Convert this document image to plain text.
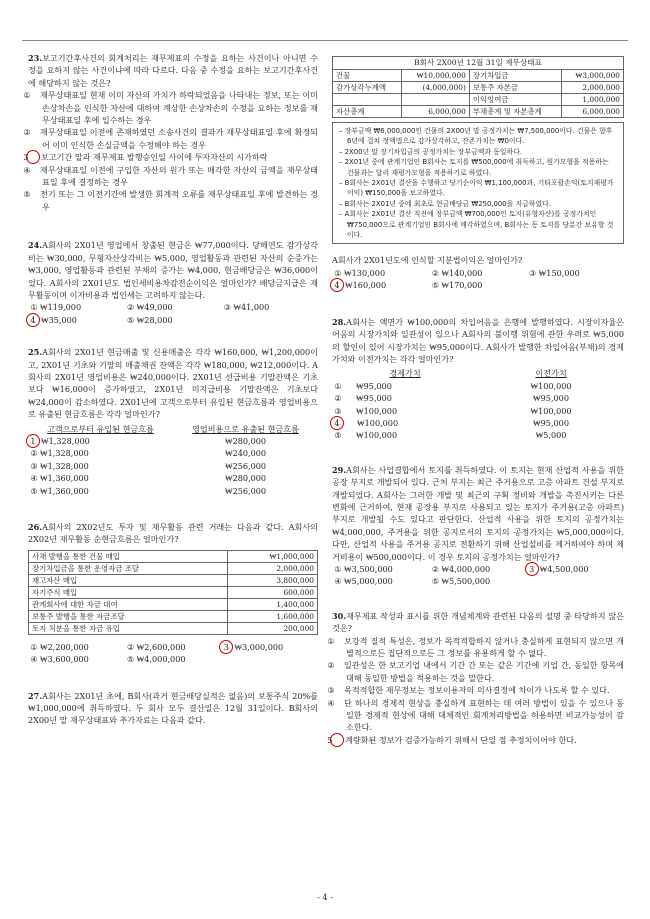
23.보고기간후사건의 회계처리는 재무제표의 수정을 요하는 사건이나 아니면 수정을 요하지 않는 사건이냐에 따라 다르다. 다음 중 수정을 요하는 보고기간후사건에 해당하지 않는 것은?
① 재무상태표일 현재 이미 자산의 가치가 하락되었음을 나타내는 정보, 또는 이미 손상차손을 인식한 자산에 대하여 계상한 손상차손의 수정을 요하는 정보를 재무상태표일 후에 입수하는 경우
② 재무상태표일 이전에 존재하였던 소송사건의 결과가 재무상태표일 후에 확정되어 이미 인식한 손실금액을 수정해야 하는 경우
3 보고기간 말과 재무제표 발행승인일 사이에 투자자산의 시가하락
④ 재무상태표일 이전에 구입한 자산의 원가 또는 매각한 자산의 금액을 재무상태표일 후에 결정하는 경우
⑤ 전기 또는 그 이전기간에 발생한 회계적 오류를 재무상태표일 후에 발견하는 경우
24.A회사의 2X01년 영업에서 창출된 현금은 ₩77,000이다. 당해연도 감가상각비는 ₩30,000, 무형자산상각비는 ₩5,000, 영업활동과 관련된 자산의 순증가는 ₩3,000, 영업활동과 관련된 부채의 증가는 ₩4,000, 현금배당금은 ₩36,000이었다. A회사의 2X01년도 법인세비용차감전순이익은 얼마인가? 배당금지급은 재무활동이며 이자비용과 법인세는 고려하지 않는다.
① ₩119,000	② ₩49,000	③ ₩41,000
4 ₩35,000	⑤ ₩28,000
25.A회사의 2X01년 현금매출 및 신용매출은 각각 ₩160,000, ₩1,200,000이고, 2X01년 기초와 기말의 매출채권 잔액은 각각 ₩180,000, ₩212,000이다. A회사의 2X01년 영업비용은 ₩240,000이다. 2X01년 선급비용 기말잔액은 기초보다 ₩16,000이 증가하였고, 2X01년 미지급비용 기말잔액은 기초보다 ₩24,000이 감소하였다. 2X01년에 고객으로부터 유입된 현금흐름과 영업비용으로 유출된 현금흐름은 각각 얼마인가?
고객으로부터 유입된 현금흐름	영업비용으로 유출된 현금흐름
1 ₩1,328,000	₩280,000
② ₩1,328,000	₩240,000
③ ₩1,328,000	₩256,000
④ ₩1,360,000	₩280,000
⑤ ₩1,360,000	₩256,000
26.A회사의 2X02년도 투자 및 재무활동 관련 거래는 다음과 같다. A회사의 2X02년 재무활동 순현금흐름은 얼마인가?
사채 발행을 통한 건물 매입	₩1,000,000
장기차입금을 통한 운영자금 조달	2,000,000
재고자산 매입	3,800,000
자기주식 매입	600,000
관계회사에 대한 자금 대여	1,400,000
보통주 발행을 통한 자금조달	1,600,000
토지 처분을 통한 자금 유입	200,000
① ₩2,200,000	② ₩2,600,000	3 ₩3,000,000
④ ₩3,600,000	⑤ ₩4,000,000
27.A회사는 2X01년 초에, B회사(과거 현금배당실적은 없음)의 보통주식 20%를 ₩1,000,000에 취득하였다. 두 회사 모두 결산일은 12월 31일이다. B회사의 2X00년 말 재무상태표와 추가자료는 다음과 같다.
B회사 2X00년 12월 31일 재무상태표
건물	₩10,000,000	장기차입금	₩3,000,000
감가상각누계액	(4,000,000)	보통주 자본금	2,000,000
		이익잉여금	1,000,000
자산총계	6,000,000	부채총계 및 자본총계	6,000,000
– 장부금액 ₩6,000,000인 건물의 2X00년 말 공정가치는 ₩7,500,000이다. 건물은 향후 6년에 걸쳐 정액법으로 감가상각하고, 잔존가치는 ₩0이다.
– 2X00년 말 장기차입금의 공정가치는 장부금액과 동일하다.
– 2X01년 중에 관계기업인 B회사는 토지를 ₩500,000에 취득하고, 원가모형을 적용하는 건물과는 달리 재평가모형을 적용하기로 하였다.
– B회사는 2X01년 결산을 수행하고 당기순이익 ₩1,100,000과, 기타포괄손익(토지재평가이익) ₩150,000을 보고하였다.
– B회사는 2X01년 중에 최초로 현금배당금 ₩250,000을 지급하였다.
– A회사는 2X01년 결산 직전에 장부금액 ₩700,000인 토지(유형자산)를 공정가치인 ₩750,000으로 관계기업인 B회사에 매각하였으며, B회사는 동 토지를 당분간 보유할 것이다.
A회사가 2X01년도에 인식할 지분법이익은 얼마인가?
① ₩130,000	② ₩140,000	③ ₩150,000
4 ₩160,000	⑤ ₩170,000
28.A회사는 액면가 ₩100,000의 차입어음을 은행에 발행하였다. 시장이자율은 어음의 시장가치와 일관성이 있으나 A회사의 불이행 위험에 관한 우려로 ₩5,000의 할인이 있어 시장가치는 ₩95,000이다. A회사가 발행한 차입어음(부채)의 경제가치와 이전가치는 각각 얼마인가?
경제가치	이전가치
① ₩95,000	₩100,000
② ₩95,000	₩95,000
③ ₩100,000	₩100,000
4 ₩100,000	₩95,000
⑤ ₩100,000	₩5,000
29.A회사는 사업결합에서 토지를 취득하였다. 이 토지는 현재 산업적 사용을 위한 공장 부지로 개발되어 있다. 근처 부지는 최근 주거용으로 고층 아파트 건설 부지로 개발되었다. A회사는 그러한 개발 및 최근의 구획 정비와 개발을 촉진시키는 다른 변화에 근거하여, 현재 공장용 부지로 사용되고 있는 토지가 주거용(고층 아파트) 부지로 개발될 수도 있다고 판단한다. 산업적 사용을 위한 토지의 공정가치는 ₩4,000,000, 주거용을 위한 공지로서의 토지의 공정가치는 ₩5,000,000이다. 다만, 산업적 사용을 주거용 공지로 전환하기 위해 산업설비를 제거하여야 하며 제거비용이 ₩500,000이다. 이 경우 토지의 공정가치는 얼마인가?
① ₩3,500,000	② ₩4,000,000	3 ₩4,500,000
④ ₩5,000,000	⑤ ₩5,500,000
30.재무제표 작성과 표시를 위한 개념체계와 관련된 다음의 설명 중 타당하지 않은 것은?
① 보강적 질적 특성은, 정보가 목적적합하지 않거나 충실하게 표현되지 않으면 개별적으로든 집단적으로든 그 정보를 유용하게 할 수 없다.
② 일관성은 한 보고기업 내에서 기간 간 또는 같은 기간에 기업 간, 동일한 항목에 대해 동일한 방법을 적용하는 것을 말한다.
③ 목적적합한 재무정보는 정보이용자의 의사결정에 차이가 나도록 할 수 있다.
④ 단 하나의 경제적 현상을 충실하게 표현하는 데 여러 방법이 있을 수 있으나 동일한 경제적 현상에 대해 대체적인 회계처리방법을 허용하면 비교가능성이 감소한다.
5 계량화된 정보가 검증가능하기 위해서 단일 점 추정치이어야 한다.
- 4 -
